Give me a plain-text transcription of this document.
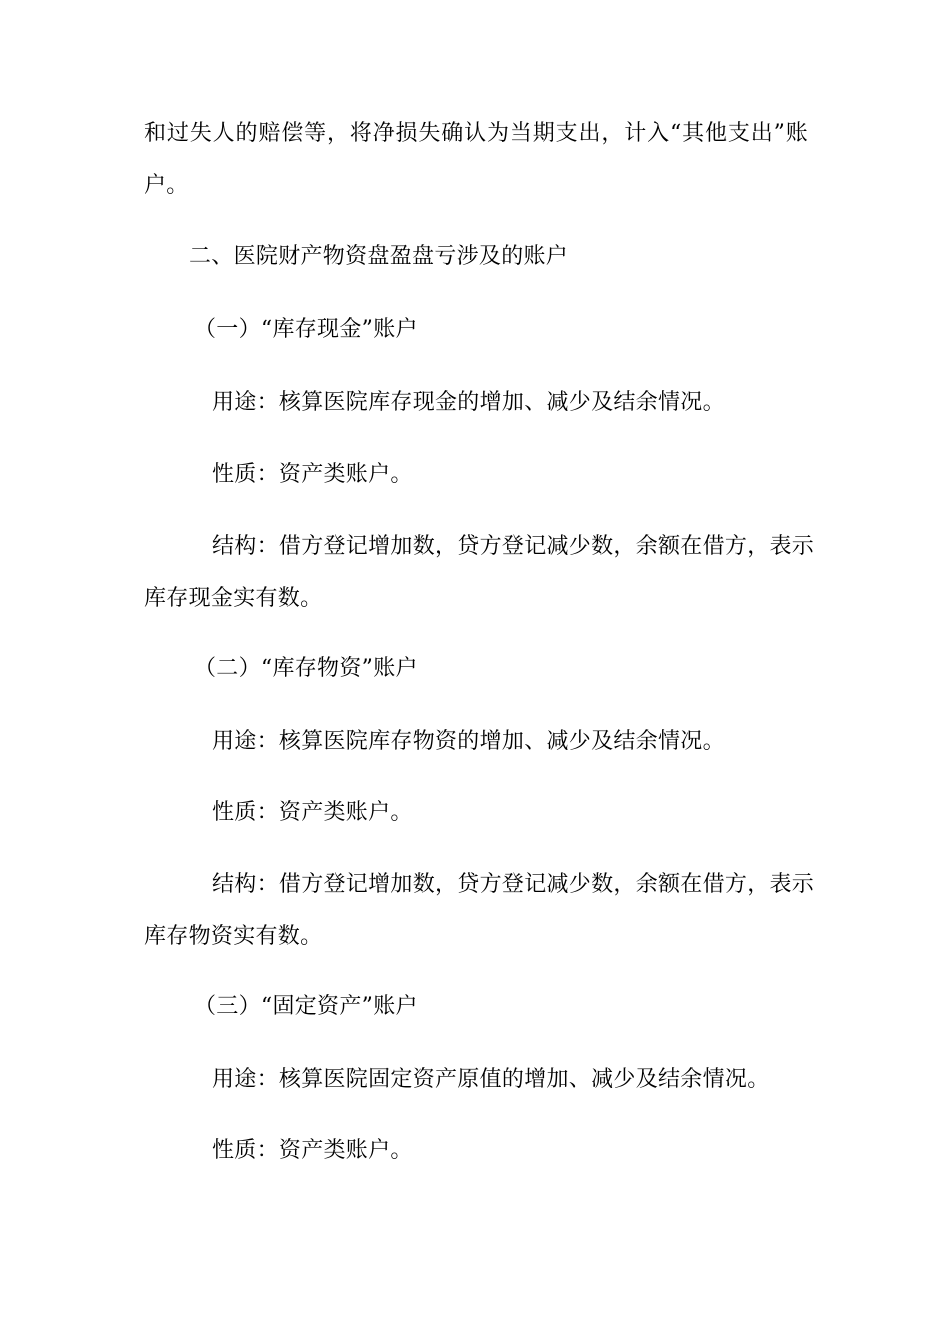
和过失人的赔偿等，将净损失确认为当期支出，计入“其他支出”账
户。
二、医院财产物资盘盈盘亏涉及的账户
（一）“库存现金”账户
用途：核算医院库存现金的增加、减少及结余情况。
性质：资产类账户。
结构：借方登记增加数，贷方登记减少数，余额在借方，表示
库存现金实有数。
（二）“库存物资”账户
用途：核算医院库存物资的增加、减少及结余情况。
性质：资产类账户。
结构：借方登记增加数，贷方登记减少数，余额在借方，表示
库存物资实有数。
（三）“固定资产”账户
用途：核算医院固定资产原值的增加、减少及结余情况。
性质：资产类账户。
